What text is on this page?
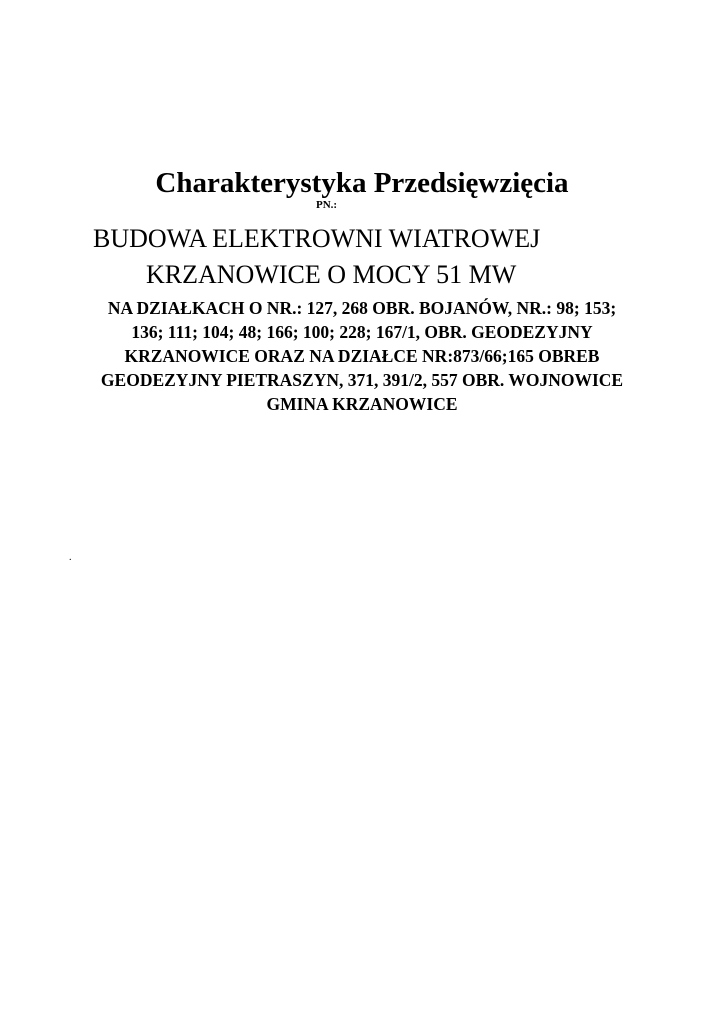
Charakterystyka Przedsięwzięcia
PN.:
BUDOWA ELEKTROWNI WIATROWEJ
KRZANOWICE O MOCY 51 MW
NA DZIAŁKACH O NR.: 127, 268 OBR. BOJANÓW, NR.: 98; 153;
136; 111; 104; 48; 166; 100; 228; 167/1, OBR. GEODEZYJNY
KRZANOWICE ORAZ NA DZIAŁCE NR:873/66;165 OBREB
GEODEZYJNY PIETRASZYN, 371, 391/2, 557 OBR. WOJNOWICE
GMINA KRZANOWICE
.
